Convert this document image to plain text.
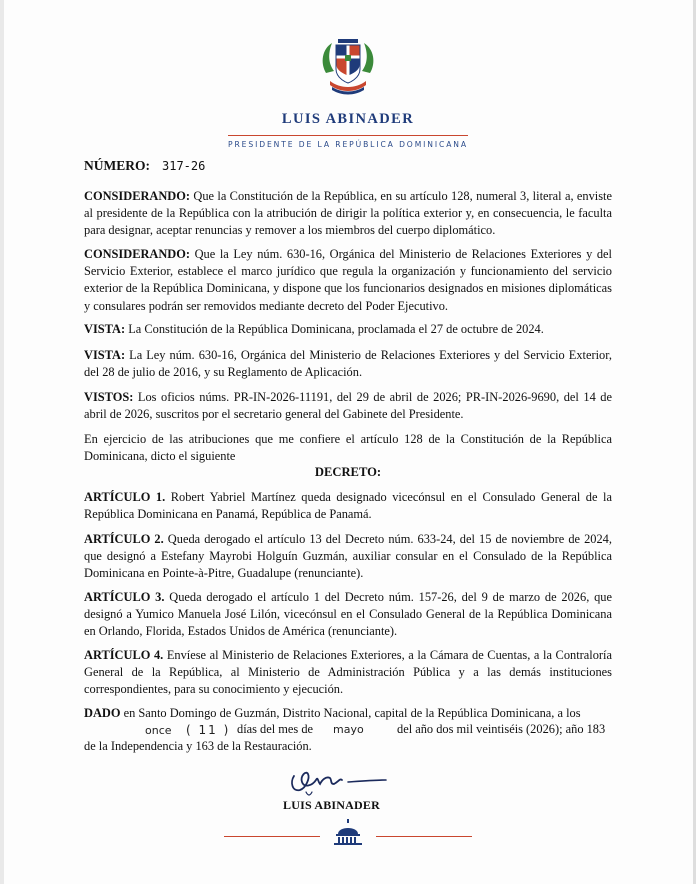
LUIS ABINADER
PRESIDENTE DE LA REPÚBLICA DOMINICANA
NÚMERO: 317-26

CONSIDERANDO: Que la Constitución de la República, en su artículo 128, numeral 3, literal a, enviste al presidente de la República con la atribución de dirigir la política exterior y, en consecuencia, le faculta para designar, aceptar renuncias y remover a los miembros del cuerpo diplomático.

CONSIDERANDO: Que la Ley núm. 630-16, Orgánica del Ministerio de Relaciones Exteriores y del Servicio Exterior, establece el marco jurídico que regula la organización y funcionamiento del servicio exterior de la República Dominicana, y dispone que los funcionarios designados en misiones diplomáticas y consulares podrán ser removidos mediante decreto del Poder Ejecutivo.

VISTA: La Constitución de la República Dominicana, proclamada el 27 de octubre de 2024.

VISTA: La Ley núm. 630-16, Orgánica del Ministerio de Relaciones Exteriores y del Servicio Exterior, del 28 de julio de 2016, y su Reglamento de Aplicación.

VISTOS: Los oficios núms. PR-IN-2026-11191, del 29 de abril de 2026; PR-IN-2026-9690, del 14 de abril de 2026, suscritos por el secretario general del Gabinete del Presidente.

En ejercicio de las atribuciones que me confiere el artículo 128 de la Constitución de la República Dominicana, dicto el siguiente

DECRETO:

ARTÍCULO 1. Robert Yabriel Martínez queda designado vicecónsul en el Consulado General de la República Dominicana en Panamá, República de Panamá.

ARTÍCULO 2. Queda derogado el artículo 13 del Decreto núm. 633-24, del 15 de noviembre de 2024, que designó a Estefany Mayrobi Holguín Guzmán, auxiliar consular en el Consulado de la República Dominicana en Pointe-à-Pitre, Guadalupe (renunciante).

ARTÍCULO 3. Queda derogado el artículo 1 del Decreto núm. 157-26, del 9 de marzo de 2026, que designó a Yumico Manuela José Lilón, vicecónsul en el Consulado General de la República Dominicana en Orlando, Florida, Estados Unidos de América (renunciante).

ARTÍCULO 4. Envíese al Ministerio de Relaciones Exteriores, a la Cámara de Cuentas, a la Contraloría General de la República, al Ministerio de Administración Pública y a las demás instituciones correspondientes, para su conocimiento y ejecución.

DADO en Santo Domingo de Guzmán, Distrito Nacional, capital de la República Dominicana, a los

once ( 11 ) días del mes de mayo	del año dos mil veintiséis (2026); año 183
de la Independencia y 163 de la Restauración.
LUIS ABINADER
